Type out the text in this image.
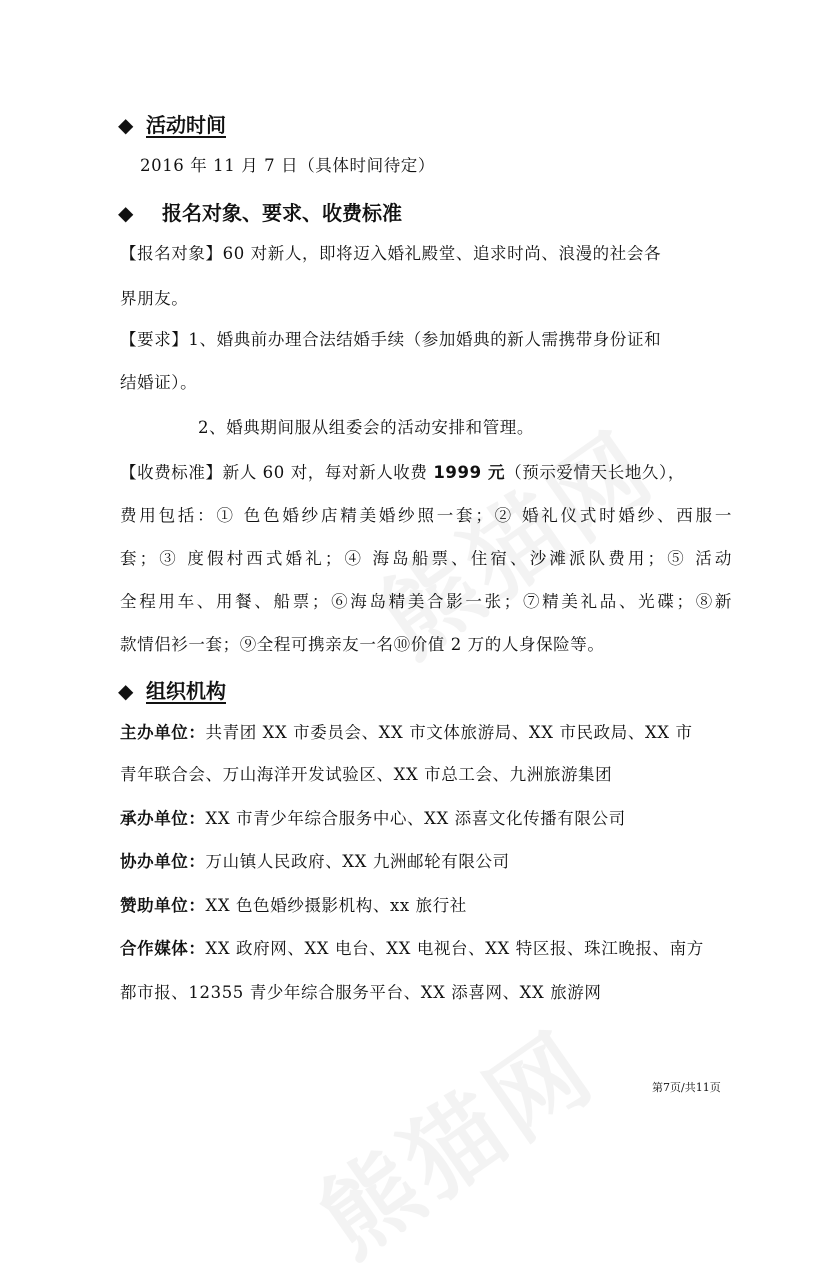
◆ 活动时间
2016 年 11 月 7 日（具体时间待定）
◆ 报名对象、要求、收费标准
【报名对象】60 对新人，即将迈入婚礼殿堂、追求时尚、浪漫的社会各
界朋友。
【要求】1、婚典前办理合法结婚手续（参加婚典的新人需携带身份证和
结婚证）。
2、婚典期间服从组委会的活动安排和管理。
【收费标准】新人 60 对，每对新人收费 1999 元（预示爱情天长地久），
费用包括：① 色色婚纱店精美婚纱照一套；② 婚礼仪式时婚纱、西服一
套；③ 度假村西式婚礼；④ 海岛船票、住宿、沙滩派队费用；⑤ 活动
全程用车、用餐、船票；⑥海岛精美合影一张；⑦精美礼品、光碟；⑧新
款情侣衫一套；⑨全程可携亲友一名⑩价值 2 万的人身保险等。
◆ 组织机构
主办单位：共青团 XX 市委员会、XX 市文体旅游局、XX 市民政局、XX 市
青年联合会、万山海洋开发试验区、XX 市总工会、九洲旅游集团
承办单位：XX 市青少年综合服务中心、XX 添喜文化传播有限公司
协办单位：万山镇人民政府、XX 九洲邮轮有限公司
赞助单位：XX 色色婚纱摄影机构、xx 旅行社
合作媒体：XX 政府网、XX 电台、XX 电视台、XX 特区报、珠江晚报、南方
都市报、12355 青少年综合服务平台、XX 添喜网、XX 旅游网
第7页/共11页
